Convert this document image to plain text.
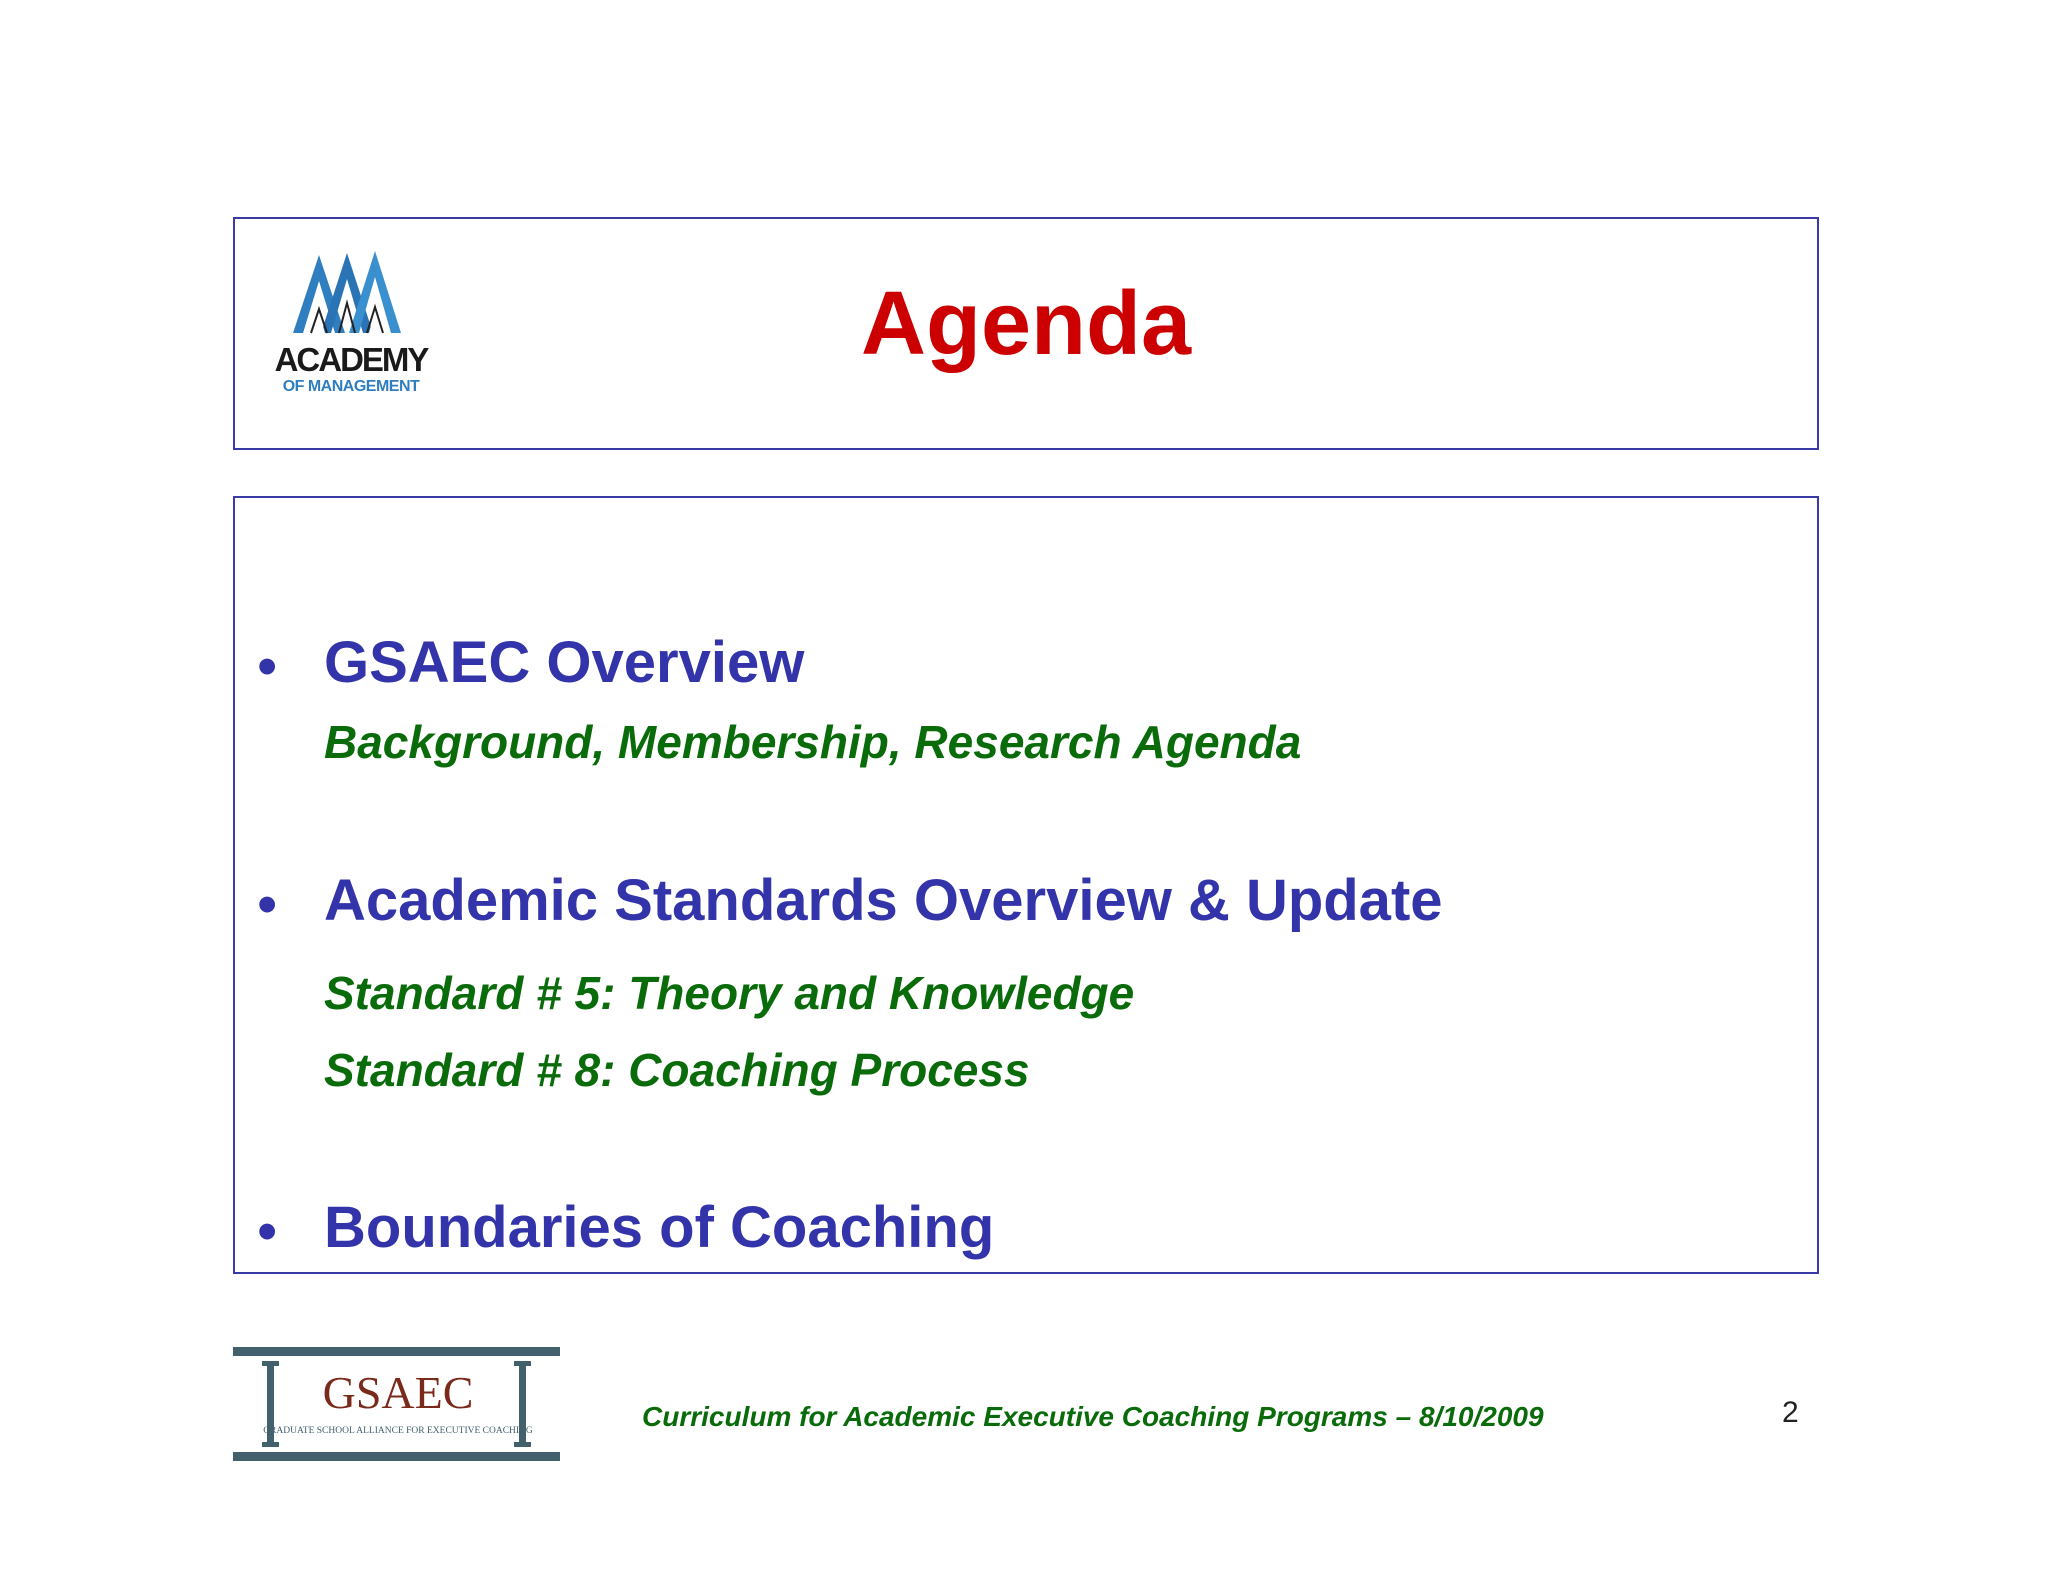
ACADEMY
OF MANAGEMENT
Agenda
• GSAEC Overview
Background, Membership, Research Agenda
• Academic Standards Overview & Update
Standard # 5: Theory and Knowledge
Standard # 8: Coaching Process
• Boundaries of Coaching
GSAEC
GRADUATE SCHOOL ALLIANCE FOR EXECUTIVE COACHING	Curriculum for Academic Executive Coaching Programs – 8/10/2009	2
